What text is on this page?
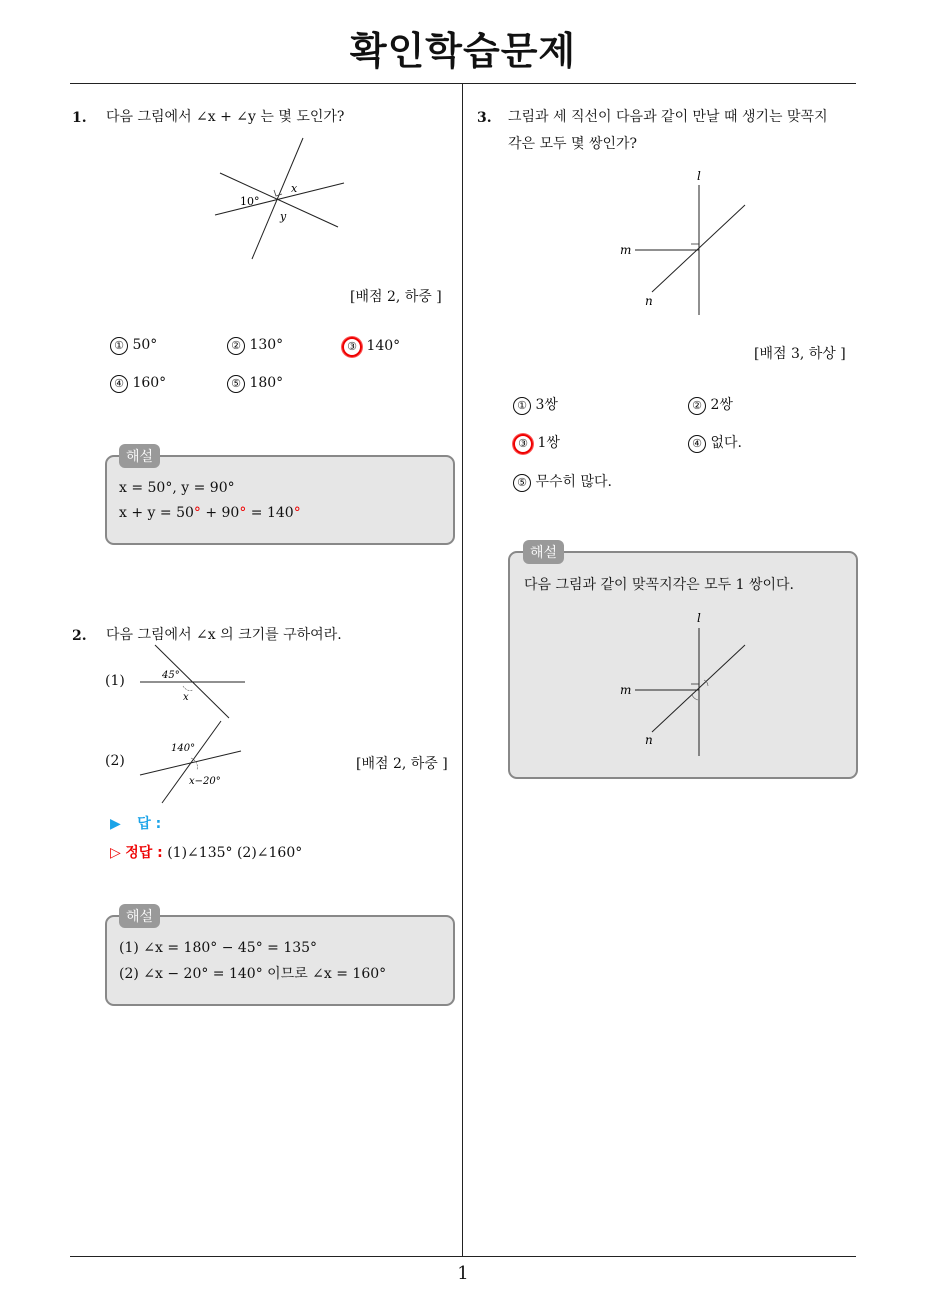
확인학습문제
1. 다음 그림에서 ∠x + ∠y 는 몇 도인가?
10°
x
y
[배점 2, 하중 ]
① 50°	② 130°	③ 140°
④ 160°	⑤ 180°
x = 50°, y = 90°
x + y = 50° + 90° = 140°
해설
2. 다음 그림에서 ∠x 의 크기를 구하여라.
(1)	45°
x
(2)
140°
x−20°
[배점 2, 하중 ]
▶ 답 :
▷ 정답 : (1)∠135° (2)∠160°
(1) ∠x = 180° − 45° = 135°
(2) ∠x − 20° = 140° 이므로 ∠x = 160°
해설
3. 그림과 세 직선이 다음과 같이 만날 때 생기는 맞꼭지
각은 모두 몇 쌍인가?
l
m
n
[배점 3, 하상 ]
① 3쌍	② 2쌍
③ 1쌍	④ 없다.
⑤ 무수히 많다.
다음 그림과 같이 맞꼭지각은 모두 1 쌍이다.
l
m
n
해설
1
